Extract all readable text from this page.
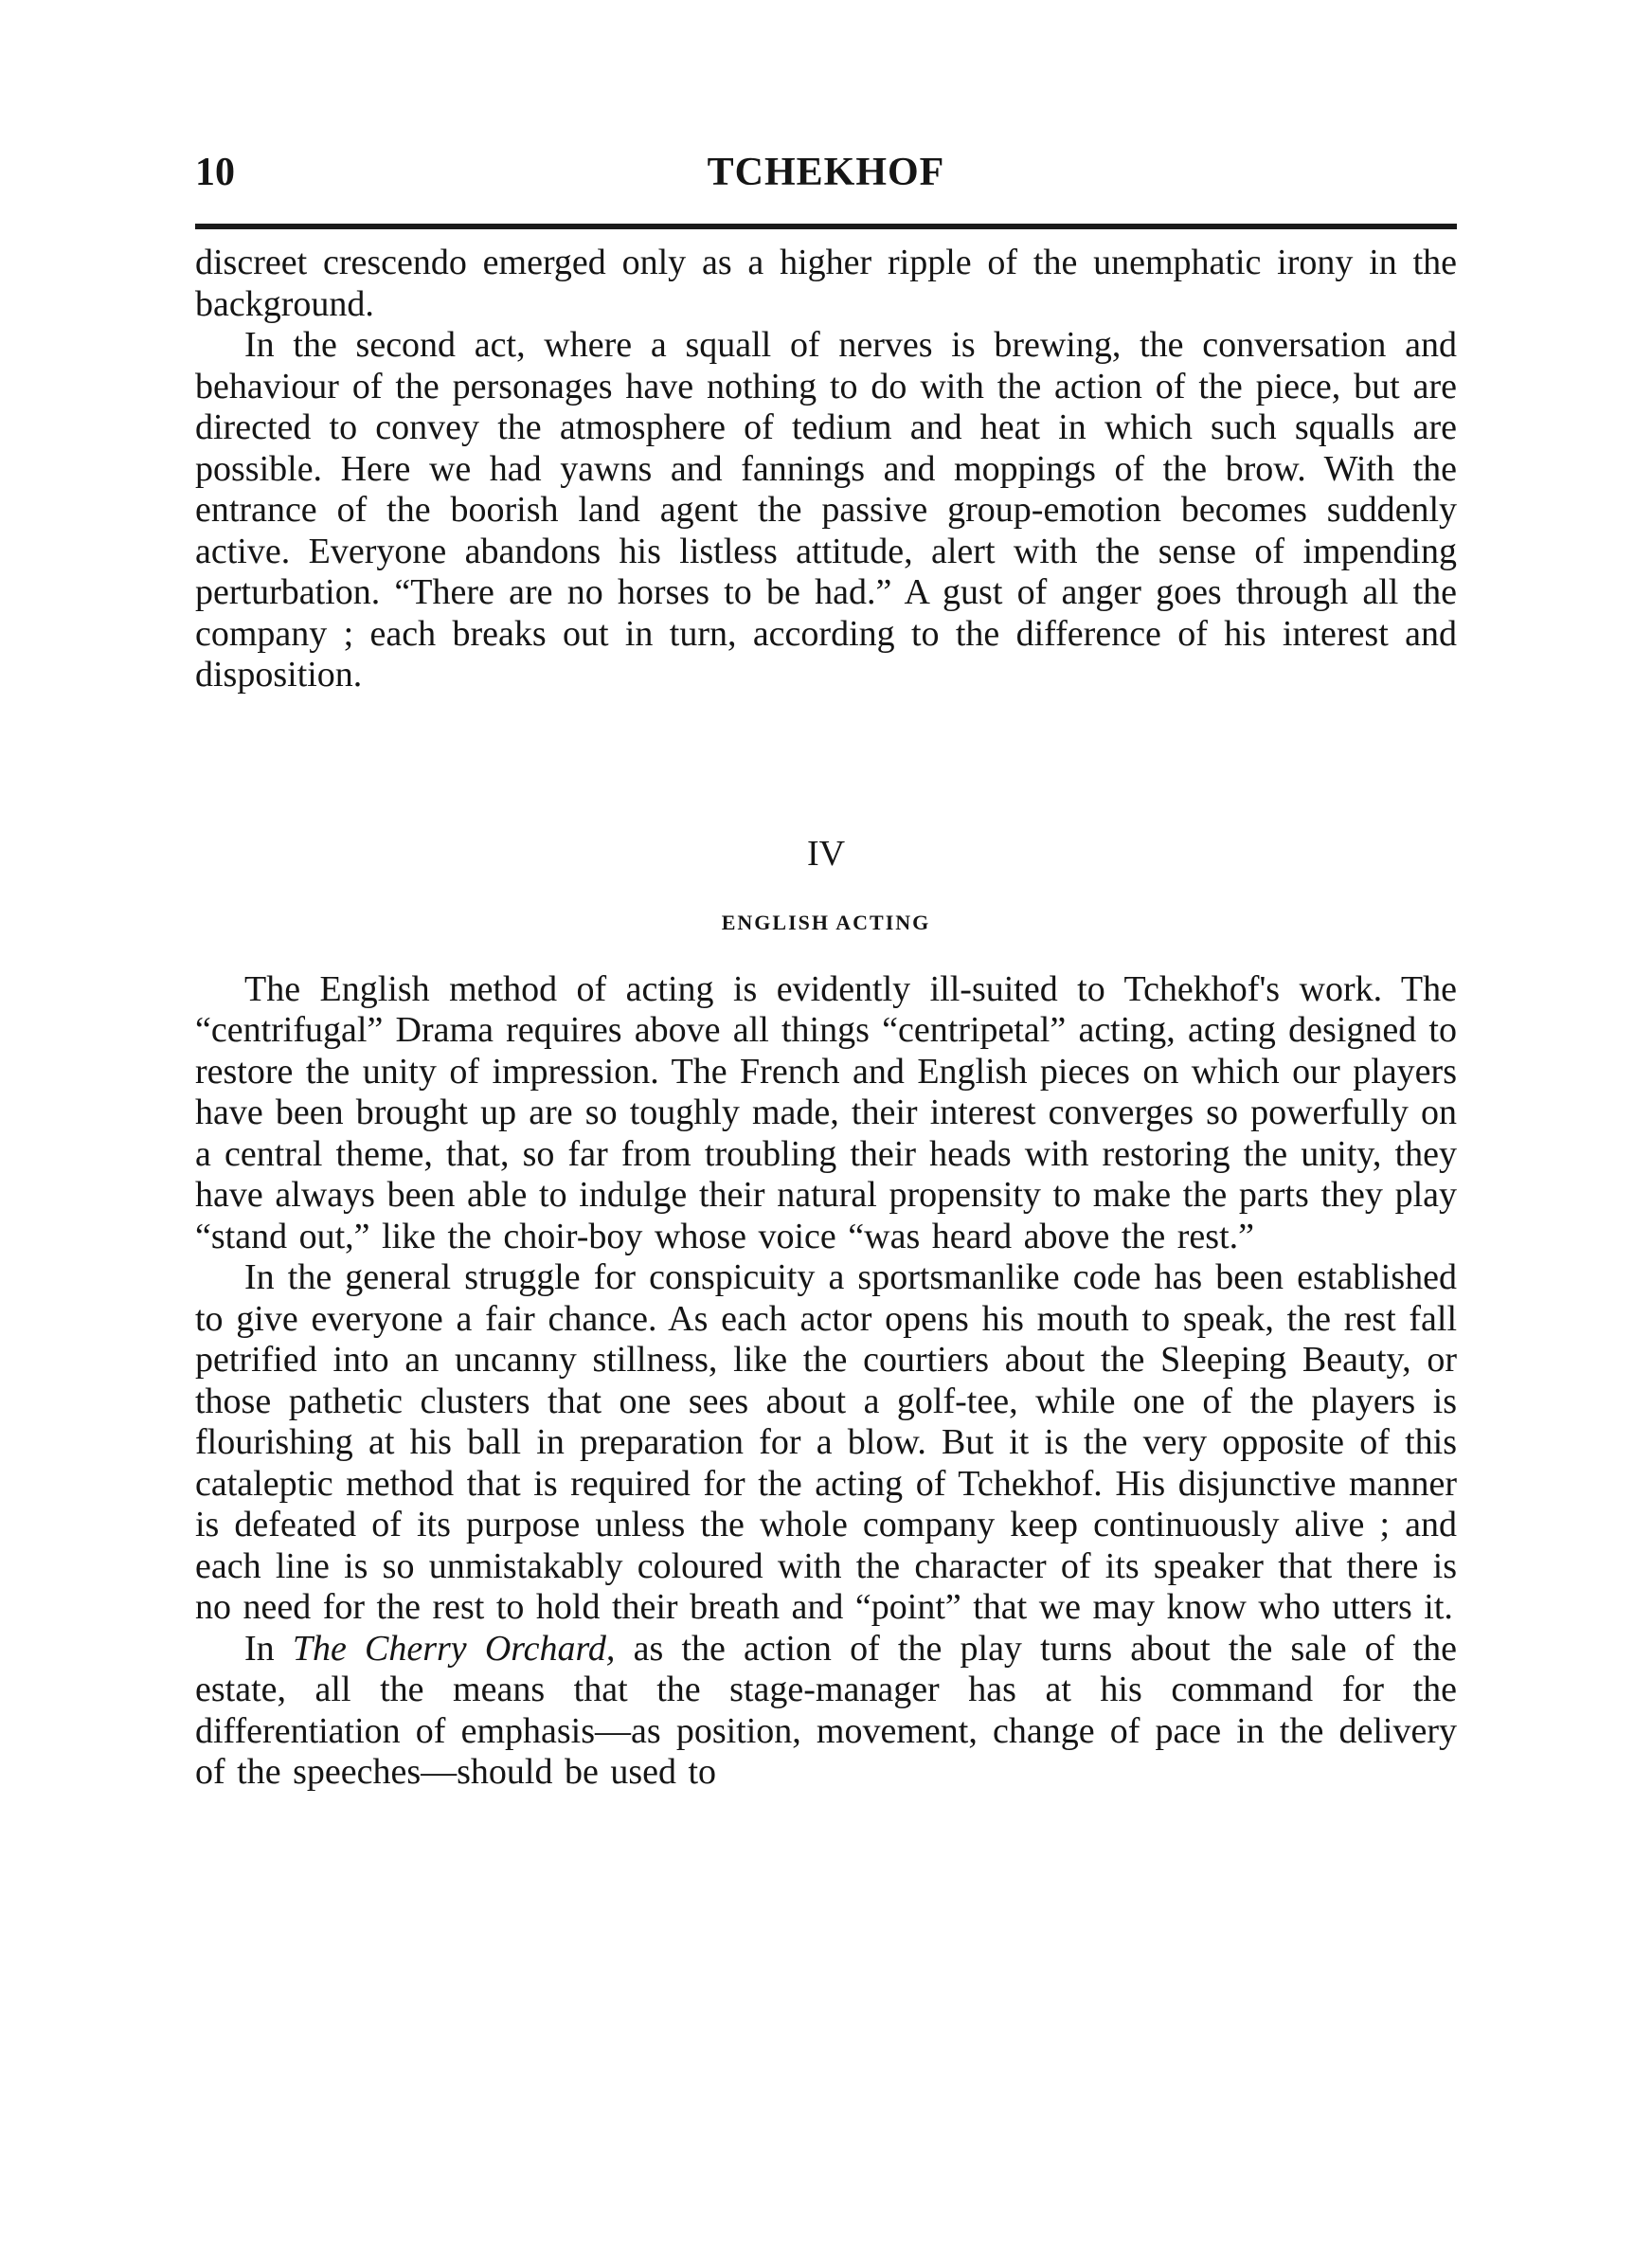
10	TCHEKHOF

discreet crescendo emerged only as a higher ripple of the unemphatic irony in the background.

In the second act, where a squall of nerves is brewing, the conversation and behaviour of the personages have nothing to do with the action of the piece, but are directed to convey the atmosphere of tedium and heat in which such squalls are possible. Here we had yawns and fannings and moppings of the brow. With the entrance of the boorish land agent the passive group-emotion becomes suddenly active. Everyone abandons his listless attitude, alert with the sense of impending perturbation. “There are no horses to be had.” A gust of anger goes through all the company ; each breaks out in turn, according to the difference of his interest and disposition.

IV
ENGLISH ACTING

The English method of acting is evidently ill-suited to Tchekhof's work. The “centrifugal” Drama requires above all things “centripetal” acting, acting designed to restore the unity of impression. The French and English pieces on which our players have been brought up are so toughly made, their interest converges so powerfully on a central theme, that, so far from troubling their heads with restoring the unity, they have always been able to indulge their natural propensity to make the parts they play “stand out,” like the choir-boy whose voice “was heard above the rest.”

In the general struggle for conspicuity a sportsmanlike code has been established to give everyone a fair chance. As each actor opens his mouth to speak, the rest fall petrified into an uncanny stillness, like the courtiers about the Sleeping Beauty, or those pathetic clusters that one sees about a golf-tee, while one of the players is flourishing at his ball in preparation for a blow. But it is the very opposite of this cataleptic method that is required for the acting of Tchekhof. His disjunctive manner is defeated of its purpose unless the whole company keep continuously alive ; and each line is so unmistakably coloured with the character of its speaker that there is no need for the rest to hold their breath and “point” that we may know who utters it.

In The Cherry Orchard, as the action of the play turns about the sale of the estate, all the means that the stage-manager has at his command for the differentiation of emphasis—as position, movement, change of pace in the delivery of the speeches—should be used to
